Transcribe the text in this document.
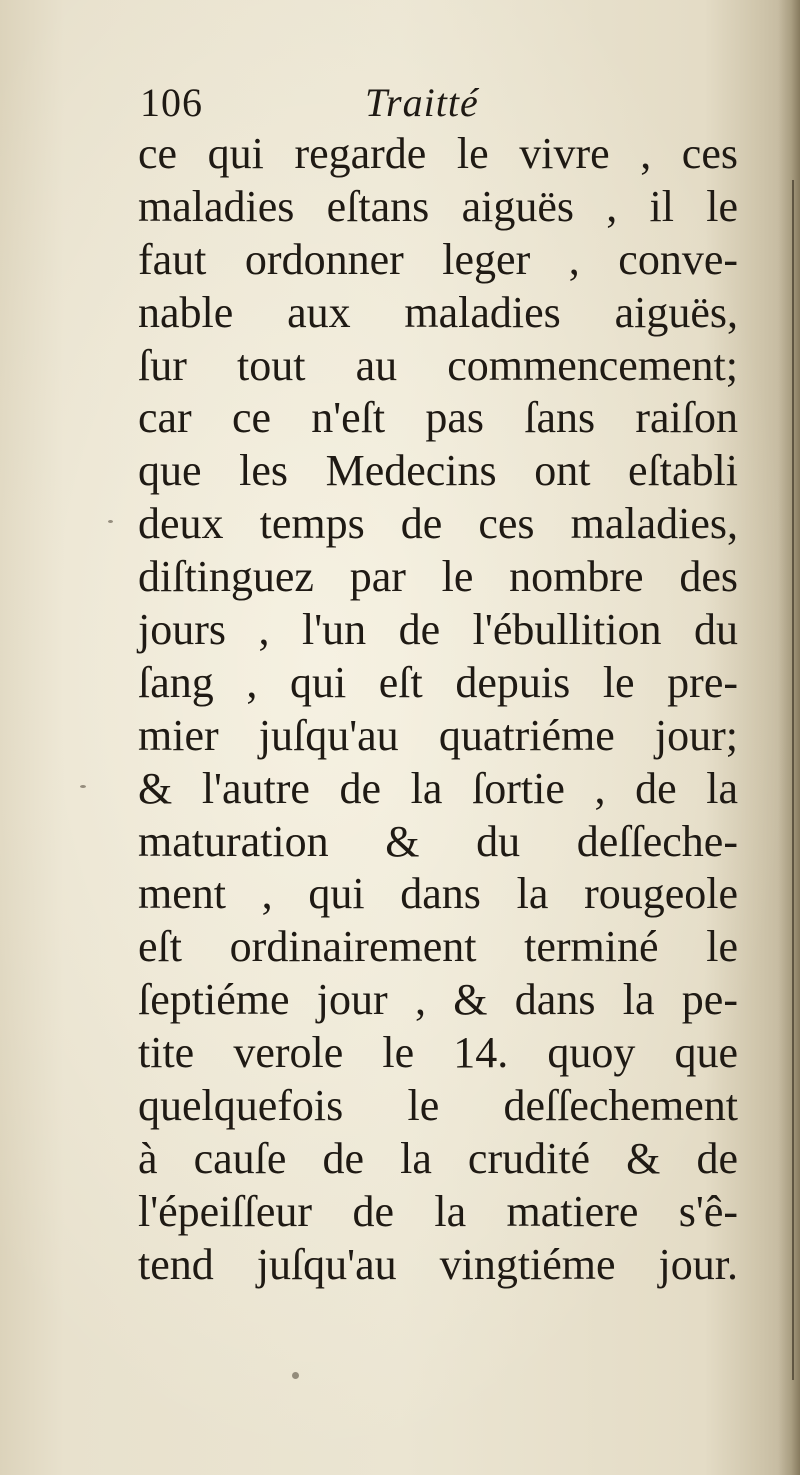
106	Traitté
ce qui regarde le vivre , ces
maladies eſtans aiguës , il le
faut ordonner leger , conve-
nable aux maladies aiguës,
ſur tout au commencement;
car ce n'eſt pas ſans raiſon
que les Medecins ont eſtabli
deux temps de ces maladies,
diſtinguez par le nombre des
jours , l'un de l'ébullition du
ſang , qui eſt depuis le pre-
mier juſqu'au quatriéme jour;
& l'autre de la ſortie , de la
maturation & du deſſeche-
ment , qui dans la rougeole
eſt ordinairement terminé le
ſeptiéme jour , & dans la pe-
tite verole le 14. quoy que
quelquefois le deſſechement
à cauſe de la crudité & de
l'épeiſſeur de la matiere s'ê-
tend juſqu'au vingtiéme jour.
